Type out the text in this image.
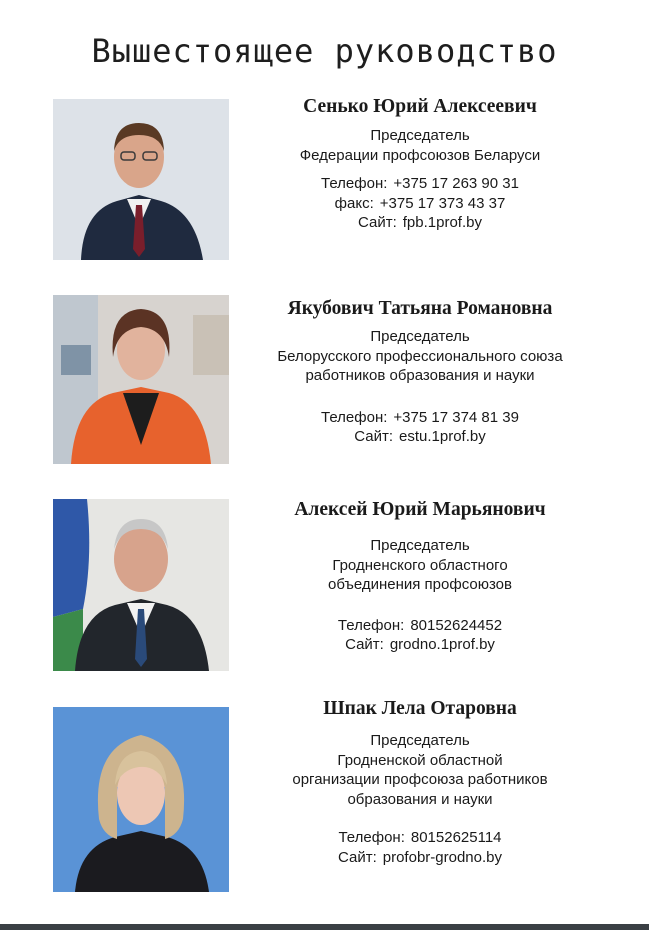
Вышестоящее руководство

Сенько Юрий Алексеевич

Председатель
Федерации профсоюзов Беларуси
Телефон: +375 17 263 90 31
факс: +375 17 373 43 37
Сайт: fpb.1prof.by

Якубович Татьяна Романовна

Председатель
Белорусского профессионального союза
работников образования и науки
Телефон: +375 17 374 81 39
Сайт: estu.1prof.by

Алексей Юрий Марьянович

Председатель
Гродненского областного
объединения профсоюзов
Телефон: 80152624452
Сайт: grodno.1prof.by

Шпак Лела Отаровна

Председатель
Гродненской областной
организации профсоюза работников
образования и науки
Телефон: 80152625114
Сайт: profobr-grodno.by
